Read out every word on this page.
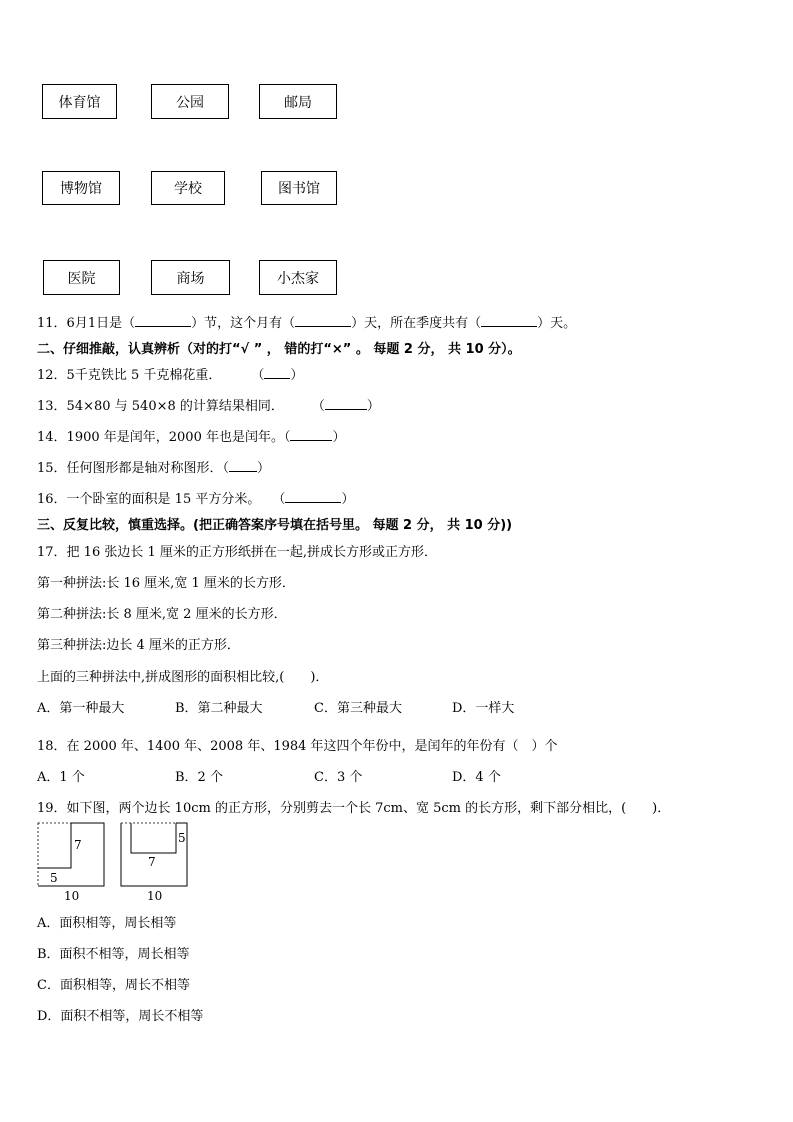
体育馆	公园	邮局
博物馆	学校	图书馆
医院	商场	小杰家
11．6月1日是（	）节，这个月有（	）天，所在季度共有（	）天。
二、仔细推敲，认真辨析（对的打“√ ” ， 错的打“×” 。 每题 2 分， 共 10 分）。
12．5千克铁比 5 千克棉花重． （ ）
13．54×80 与 540×8 的计算结果相同． （	）
14．1900 年是闰年，2000 年也是闰年。（	）
15．任何图形都是轴对称图形．（ ）
16．一个卧室的面积是 15 平方分米。 （	）
三、反复比较，慎重选择。(把正确答案序号填在括号里。 每题 2 分， 共 10 分))
17．把 16 张边长 1 厘米的正方形纸拼在一起,拼成长方形或正方形．
第一种拼法:长 16 厘米,宽 1 厘米的长方形．
第二种拼法:长 8 厘米,宽 2 厘米的长方形．
第三种拼法:边长 4 厘米的正方形．
上面的三种拼法中,拼成图形的面积相比较,(　　)．
A．第一种最大	B．第二种最大	C．第三种最大	D．一样大
18．在 2000 年、1400 年、2008 年、1984 年这四个年份中，是闰年的年份有（　）个
A．1 个	B．2 个	C．3 个	D．4 个
19．如下图，两个边长 10cm 的正方形，分别剪去一个长 7cm、宽 5cm 的长方形，剩下部分相比，(　　)．
7
5
10
5
7
10
A．面积相等，周长相等
B．面积不相等，周长相等
C．面积相等，周长不相等
D．面积不相等，周长不相等
